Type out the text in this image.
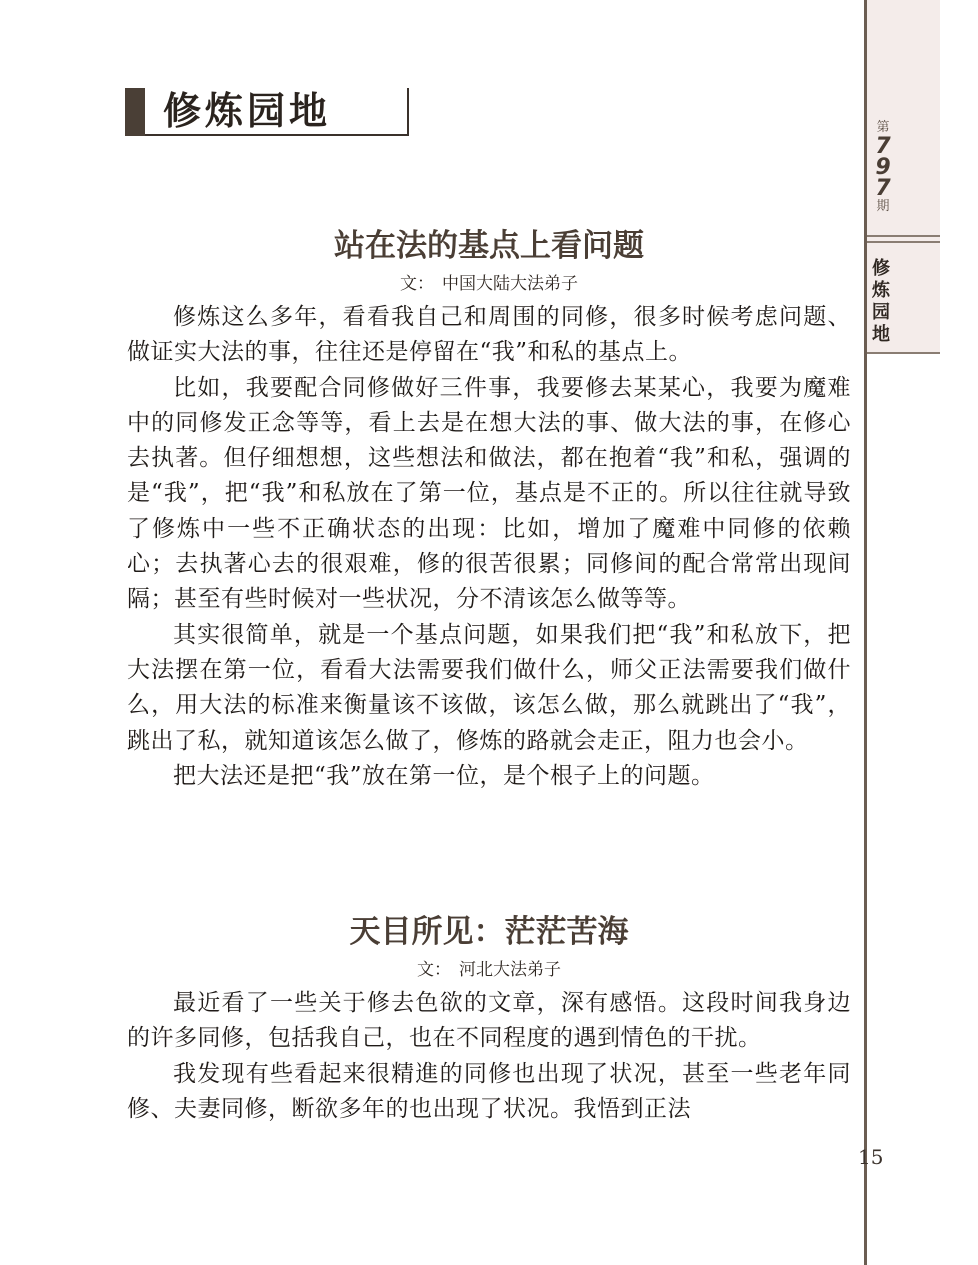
第
7
9
7
期
修
炼
园
地
15
修炼园地
站在法的基点上看问题
文： 中国大陆大法弟子

修炼这么多年，看看我自己和周围的同修，很多时候考虑问题、做证实大法的事，往往还是停留在“我”和私的基点上。

比如，我要配合同修做好三件事，我要修去某某心，我要为魔难中的同修发正念等等，看上去是在想大法的事、做大法的事，在修心去执著。但仔细想想，这些想法和做法，都在抱着“我”和私，强调的是“我”，把“我”和私放在了第一位，基点是不正的。所以往往就导致了修炼中一些不正确状态的出现：比如，增加了魔难中同修的依赖心；去执著心去的很艰难，修的很苦很累；同修间的配合常常出现间隔；甚至有些时候对一些状况，分不清该怎么做等等。

其实很简单，就是一个基点问题，如果我们把“我”和私放下，把大法摆在第一位，看看大法需要我们做什么，师父正法需要我们做什么，用大法的标准来衡量该不该做，该怎么做，那么就跳出了“我”，跳出了私，就知道该怎么做了，修炼的路就会走正，阻力也会小。

把大法还是把“我”放在第一位，是个根子上的问题。

天目所见：茫茫苦海
文： 河北大法弟子

最近看了一些关于修去色欲的文章，深有感悟。这段时间我身边的许多同修，包括我自己，也在不同程度的遇到情色的干扰。

我发现有些看起来很精進的同修也出现了状况，甚至一些老年同修、夫妻同修，断欲多年的也出现了状况。我悟到正法
